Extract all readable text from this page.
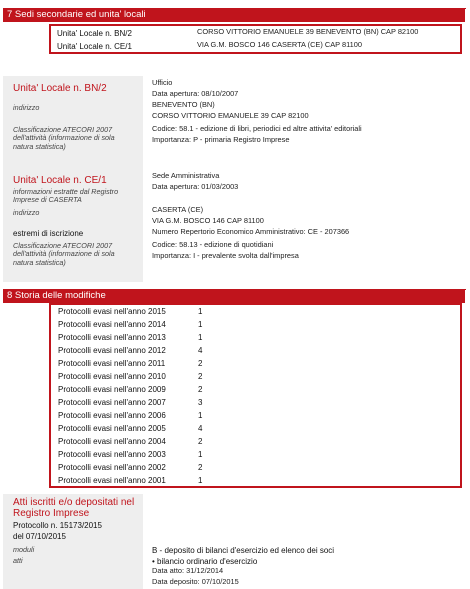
7 Sedi secondarie ed unita' locali
Unita' Locale n. BN/2	CORSO VITTORIO EMANUELE 39 BENEVENTO (BN) CAP 82100
Unita' Locale n. CE/1	VIA G.M. BOSCO 146 CASERTA (CE) CAP 81100
Unita' Locale n. BN/2
indirizzo
Classificazione ATECORI 2007 dell'attività (informazione di sola natura statistica)
Ufficio
Data apertura: 08/10/2007
BENEVENTO (BN)
CORSO VITTORIO EMANUELE 39 CAP 82100
Codice: 58.1 - edizione di libri, periodici ed altre attivita' editoriali
Importanza: P - primaria Registro Imprese
Unita' Locale n. CE/1
informazioni estratte dal Registro Imprese di CASERTA
indirizzo
estremi di iscrizione
Classificazione ATECORI 2007 dell'attività (informazione di sola natura statistica)
Sede Amministrativa
Data apertura: 01/03/2003
CASERTA (CE)
VIA G.M. BOSCO 146 CAP 81100
Numero Repertorio Economico Amministrativo: CE - 207366
Codice: 58.13 - edizione di quotidiani
Importanza: I - prevalente svolta dall'impresa
8 Storia delle modifiche
Protocolli evasi nell'anno 2015	1
Protocolli evasi nell'anno 2014	1
Protocolli evasi nell'anno 2013	1
Protocolli evasi nell'anno 2012	4
Protocolli evasi nell'anno 2011	2
Protocolli evasi nell'anno 2010	2
Protocolli evasi nell'anno 2009	2
Protocolli evasi nell'anno 2007	3
Protocolli evasi nell'anno 2006	1
Protocolli evasi nell'anno 2005	4
Protocolli evasi nell'anno 2004	2
Protocolli evasi nell'anno 2003	1
Protocolli evasi nell'anno 2002	2
Protocolli evasi nell'anno 2001	1
Atti iscritti e/o depositati nel
Registro Imprese
Protocollo n. 15173/2015
del 07/10/2015
moduli
atti
B - deposito di bilanci d'esercizio ed elenco dei soci
• bilancio ordinario d'esercizio
Data atto: 31/12/2014
Data deposito: 07/10/2015
